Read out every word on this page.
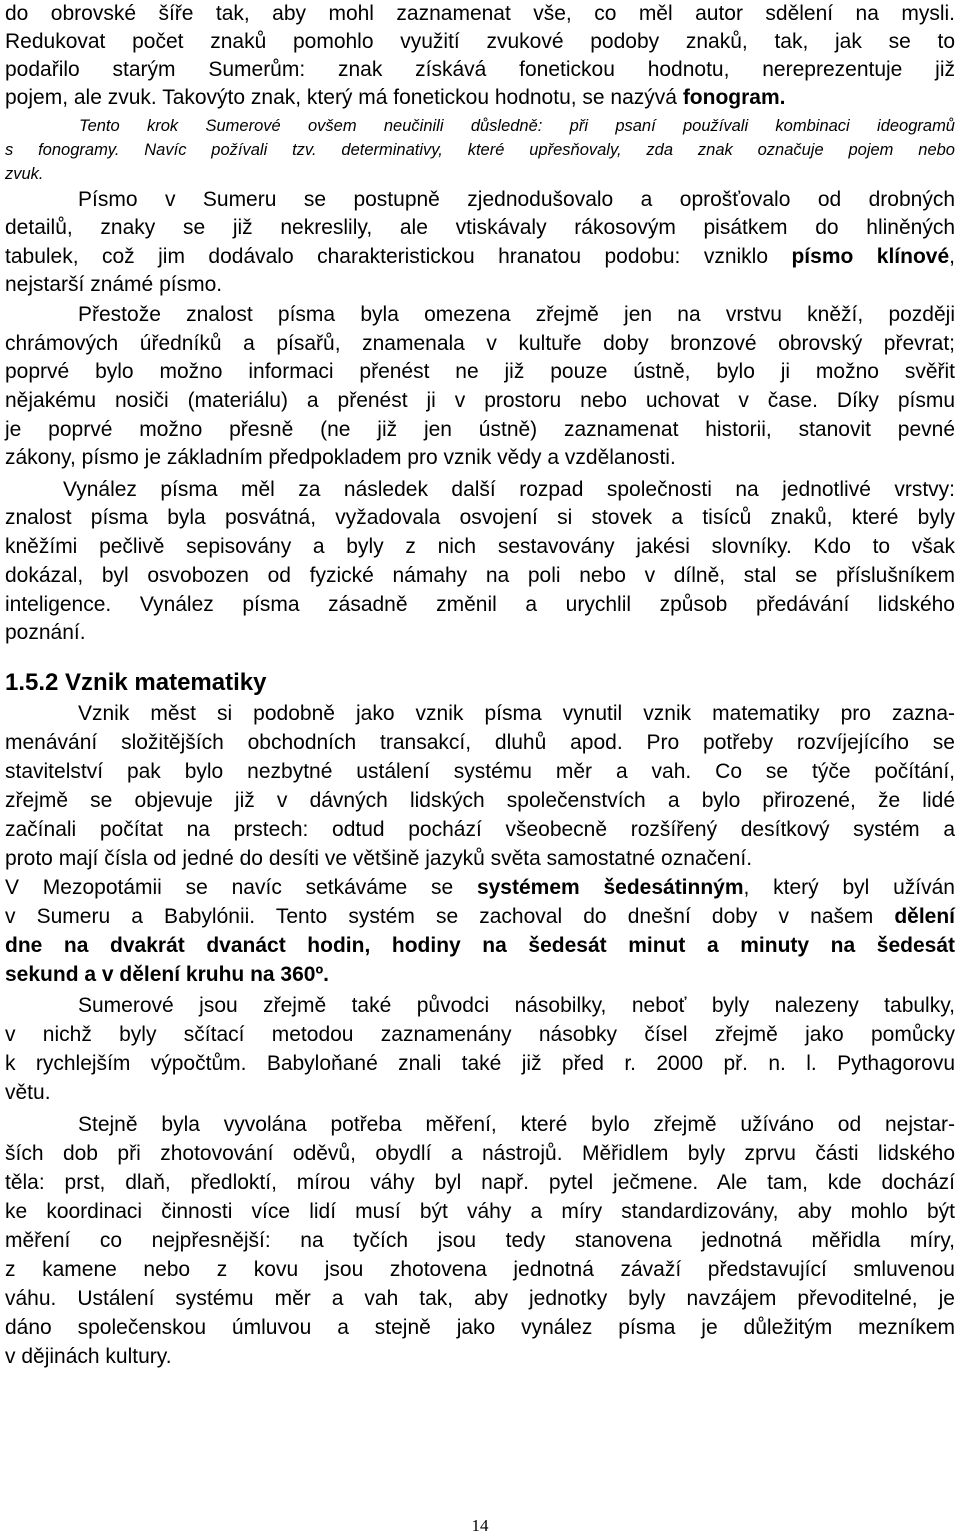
do obrovské šíře tak, aby mohl zaznamenat vše, co měl autor sdělení na mysli.
Redukovat počet znaků pomohlo využití zvukové podoby znaků, tak, jak se to
podařilo starým Sumerům: znak získává fonetickou hodnotu, nereprezentuje již
pojem, ale zvuk. Takovýto znak, který má fonetickou hodnotu, se nazývá fonogram.
Tento krok Sumerové ovšem neučinili důsledně: při psaní používali kombinaci ideogramů
s fonogramy. Navíc požívali tzv. determinativy, které upřesňovaly, zda znak označuje pojem nebo
zvuk.
Písmo v Sumeru se postupně zjednodušovalo a oprošťovalo od drobných
detailů, znaky se již nekreslily, ale vtiskávaly rákosovým pisátkem do hliněných
tabulek, což jim dodávalo charakteristickou hranatou podobu: vzniklo písmo klínové,
nejstarší známé písmo.
Přestože znalost písma byla omezena zřejmě jen na vrstvu kněží, později
chrámových úředníků a písařů, znamenala v kultuře doby bronzové obrovský převrat;
poprvé bylo možno informaci přenést ne již pouze ústně, bylo ji možno svěřit
nějakému nosiči (materiálu) a přenést ji v prostoru nebo uchovat v čase. Díky písmu
je poprvé možno přesně (ne již jen ústně) zaznamenat historii, stanovit pevné
zákony, písmo je základním předpokladem pro vznik vědy a vzdělanosti.
Vynález písma měl za následek další rozpad společnosti na jednotlivé vrstvy:
znalost písma byla posvátná, vyžadovala osvojení si stovek a tisíců znaků, které byly
kněžími pečlivě sepisovány a byly z nich sestavovány jakési slovníky. Kdo to však
dokázal, byl osvobozen od fyzické námahy na poli nebo v dílně, stal se příslušníkem
inteligence. Vynález písma zásadně změnil a urychlil způsob předávání lidského
poznání.
1.5.2 Vznik matematiky
Vznik měst si podobně jako vznik písma vynutil vznik matematiky pro zazna-
menávání složitějších obchodních transakcí, dluhů apod. Pro potřeby rozvíjejícího se
stavitelství pak bylo nezbytné ustálení systému měr a vah. Co se týče počítání,
zřejmě se objevuje již v dávných lidských společenstvích a bylo přirozené, že lidé
začínali počítat na prstech: odtud pochází všeobecně rozšířený desítkový systém a
proto mají čísla od jedné do desíti ve většině jazyků světa samostatné označení.
V Mezopotámii se navíc setkáváme se systémem šedesátinným, který byl užíván
v Sumeru a Babylónii. Tento systém se zachoval do dnešní doby v našem dělení
dne na dvakrát dvanáct hodin, hodiny na šedesát minut a minuty na šedesát
sekund a v dělení kruhu na 360º.
Sumerové jsou zřejmě také původci násobilky, neboť byly nalezeny tabulky,
v nichž byly sčítací metodou zaznamenány násobky čísel zřejmě jako pomůcky
k rychlejším výpočtům. Babyloňané znali také již před r. 2000 př. n. l. Pythagorovu
větu.
Stejně byla vyvolána potřeba měření, které bylo zřejmě užíváno od nejstar-
ších dob při zhotovování oděvů, obydlí a nástrojů. Měřidlem byly zprvu části lidského
těla: prst, dlaň, předloktí, mírou váhy byl např. pytel ječmene. Ale tam, kde dochází
ke koordinaci činnosti více lidí musí být váhy a míry standardizovány, aby mohlo být
měření co nejpřesnější: na tyčích jsou tedy stanovena jednotná měřidla míry,
z kamene nebo z kovu jsou zhotovena jednotná závaží představující smluvenou
váhu. Ustálení systému měr a vah tak, aby jednotky byly navzájem převoditelné, je
dáno společenskou úmluvou a stejně jako vynález písma je důležitým mezníkem
v dějinách kultury.
14
